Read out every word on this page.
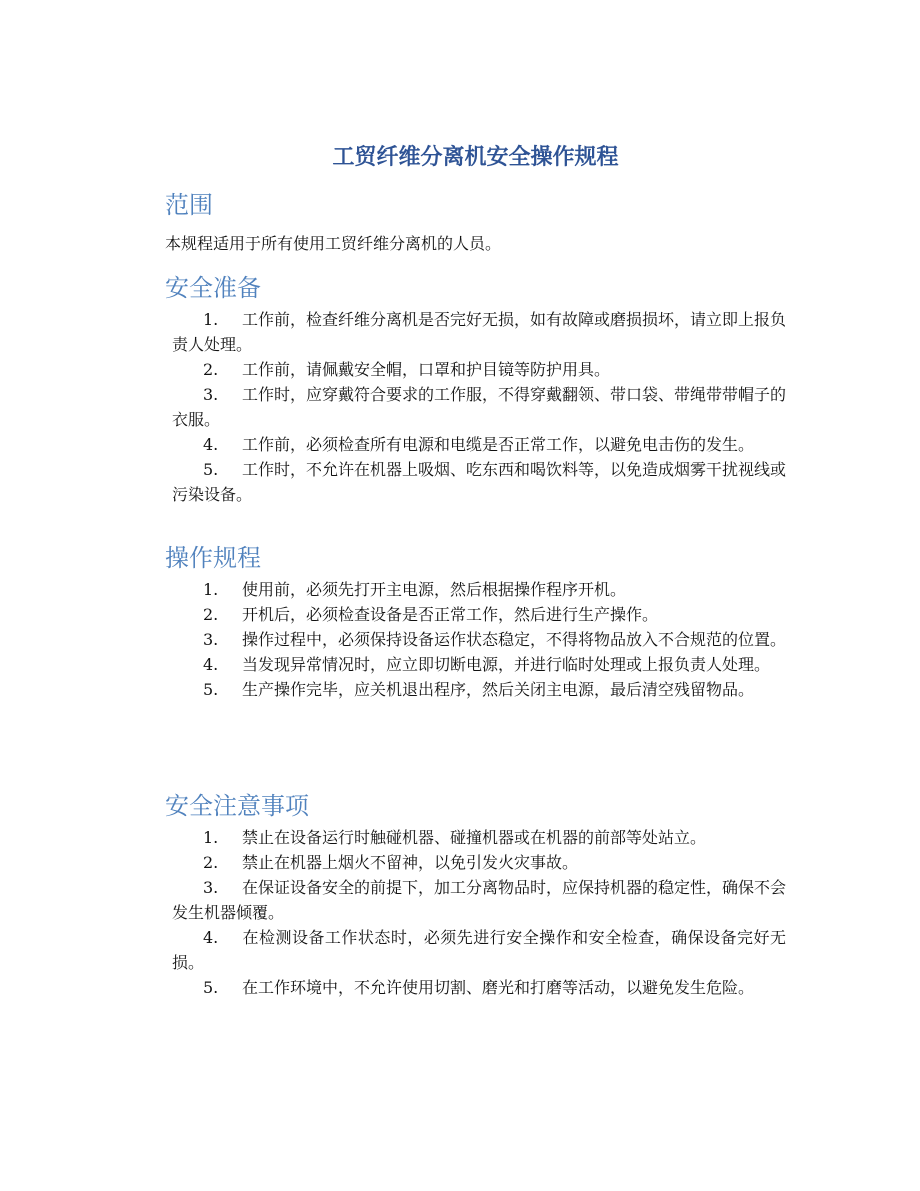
工贸纤维分离机安全操作规程
范围

本规程适用于所有使用工贸纤维分离机的人员。

安全准备
1. 工作前，检查纤维分离机是否完好无损，如有故障或磨损损坏，请立即上报负责人处理。
2. 工作前，请佩戴安全帽，口罩和护目镜等防护用具。
3. 工作时，应穿戴符合要求的工作服，不得穿戴翻领、带口袋、带绳带带帽子的衣服。
4. 工作前，必须检查所有电源和电缆是否正常工作，以避免电击伤的发生。
5. 工作时，不允许在机器上吸烟、吃东西和喝饮料等，以免造成烟雾干扰视线或污染设备。
操作规程
1. 使用前，必须先打开主电源，然后根据操作程序开机。
2. 开机后，必须检查设备是否正常工作，然后进行生产操作。
3. 操作过程中，必须保持设备运作状态稳定，不得将物品放入不合规范的位置。
4. 当发现异常情况时，应立即切断电源，并进行临时处理或上报负责人处理。
5. 生产操作完毕，应关机退出程序，然后关闭主电源，最后清空残留物品。
安全注意事项
1. 禁止在设备运行时触碰机器、碰撞机器或在机器的前部等处站立。
2. 禁止在机器上烟火不留神，以免引发火灾事故。
3. 在保证设备安全的前提下，加工分离物品时，应保持机器的稳定性，确保不会发生机器倾覆。
4. 在检测设备工作状态时，必须先进行安全操作和安全检查，确保设备完好无损。
5. 在工作环境中，不允许使用切割、磨光和打磨等活动，以避免发生危险。
